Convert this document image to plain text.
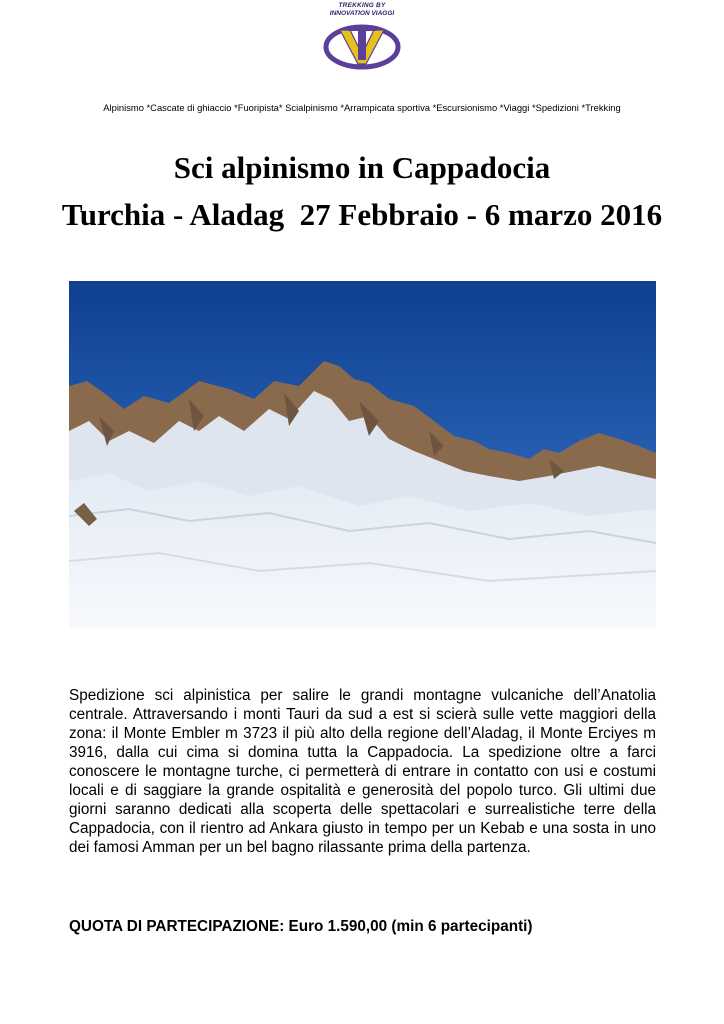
TREKKING BY
INNOVATION VIAGGI
Alpinismo *Cascate di ghiaccio *Fuoripista* Scialpinismo *Arrampicata sportiva *Escursionismo *Viaggi *Spedizioni *Trekking
Sci alpinismo in Cappadocia
Turchia - Aladag  27 Febbraio - 6 marzo 2016

Spedizione sci alpinistica per salire le grandi montagne vulcaniche dell’Anatolia centrale. Attraversando i monti Tauri da sud a est si scierà sulle vette maggiori della zona: il Monte Embler m 3723 il più alto della regione dell’Aladag, il Monte Erciyes m 3916, dalla cui cima si domina tutta la Cappadocia. La spedizione oltre a farci conoscere le montagne turche, ci permetterà di entrare in contatto con usi e costumi locali e di saggiare la grande ospitalità e generosità del popolo turco. Gli ultimi due giorni saranno dedicati alla scoperta delle spettacolari e surrealistiche terre della Cappadocia, con il rientro ad Ankara giusto in tempo per un Kebab e una sosta in uno dei famosi Amman per un bel bagno rilassante prima della partenza.

QUOTA DI PARTECIPAZIONE: Euro 1.590,00 (min 6 partecipanti)
